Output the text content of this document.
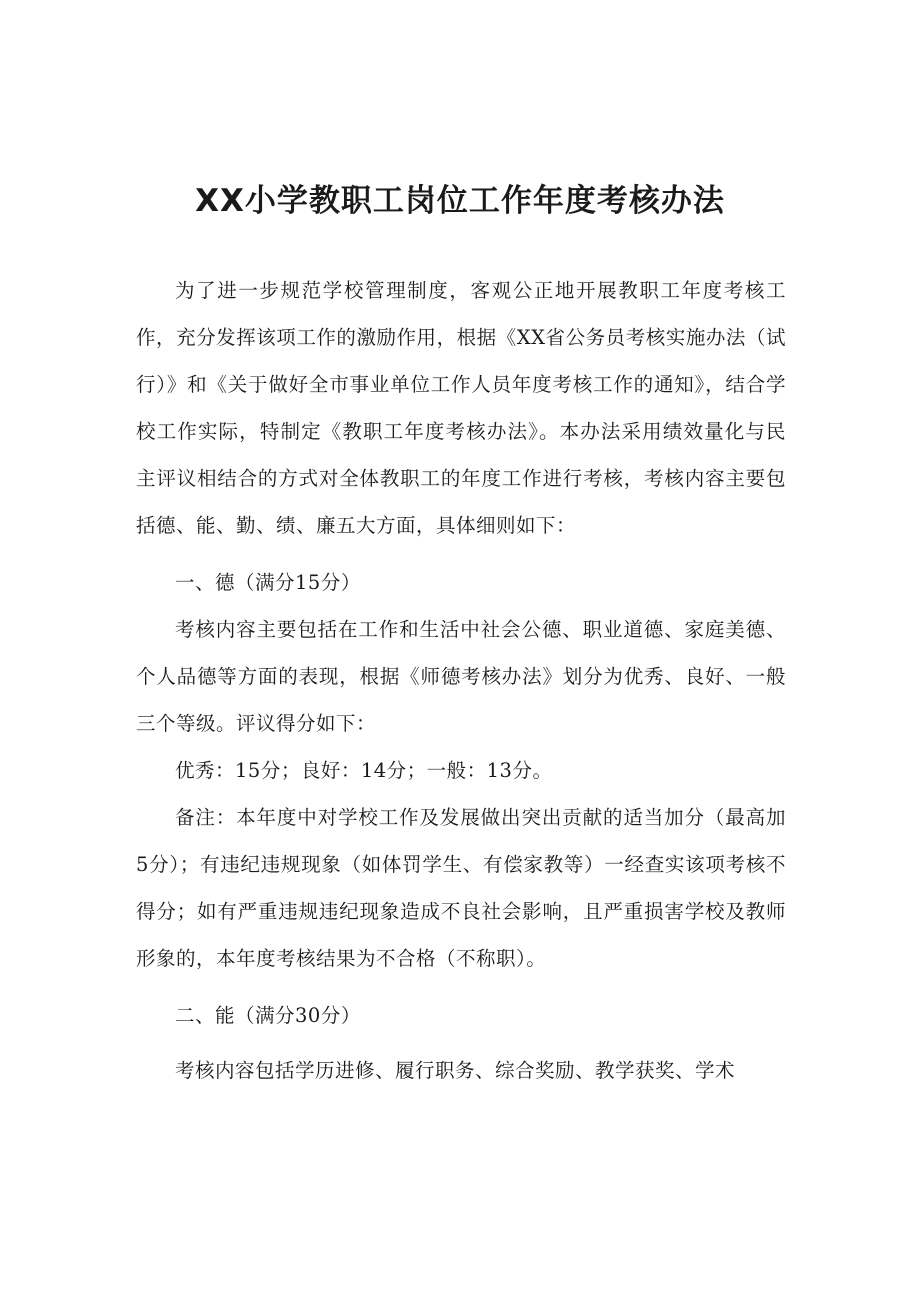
XX小学教职工岗位工作年度考核办法

为了进一步规范学校管理制度，客观公正地开展教职工年度考核工作，充分发挥该项工作的激励作用，根据《XX省公务员考核实施办法（试行）》和《关于做好全市事业单位工作人员年度考核工作的通知》，结合学校工作实际，特制定《教职工年度考核办法》。本办法采用绩效量化与民主评议相结合的方式对全体教职工的年度工作进行考核，考核内容主要包括德、能、勤、绩、廉五大方面，具体细则如下：

一、德（满分15分）

考核内容主要包括在工作和生活中社会公德、职业道德、家庭美德、个人品德等方面的表现，根据《师德考核办法》划分为优秀、良好、一般三个等级。评议得分如下：

优秀：15分；良好：14分；一般：13分。

备注：本年度中对学校工作及发展做出突出贡献的适当加分（最高加5分）；有违纪违规现象（如体罚学生、有偿家教等）一经查实该项考核不得分；如有严重违规违纪现象造成不良社会影响，且严重损害学校及教师形象的，本年度考核结果为不合格（不称职）。

二、能（满分30分）

考核内容包括学历进修、履行职务、综合奖励、教学获奖、学术
